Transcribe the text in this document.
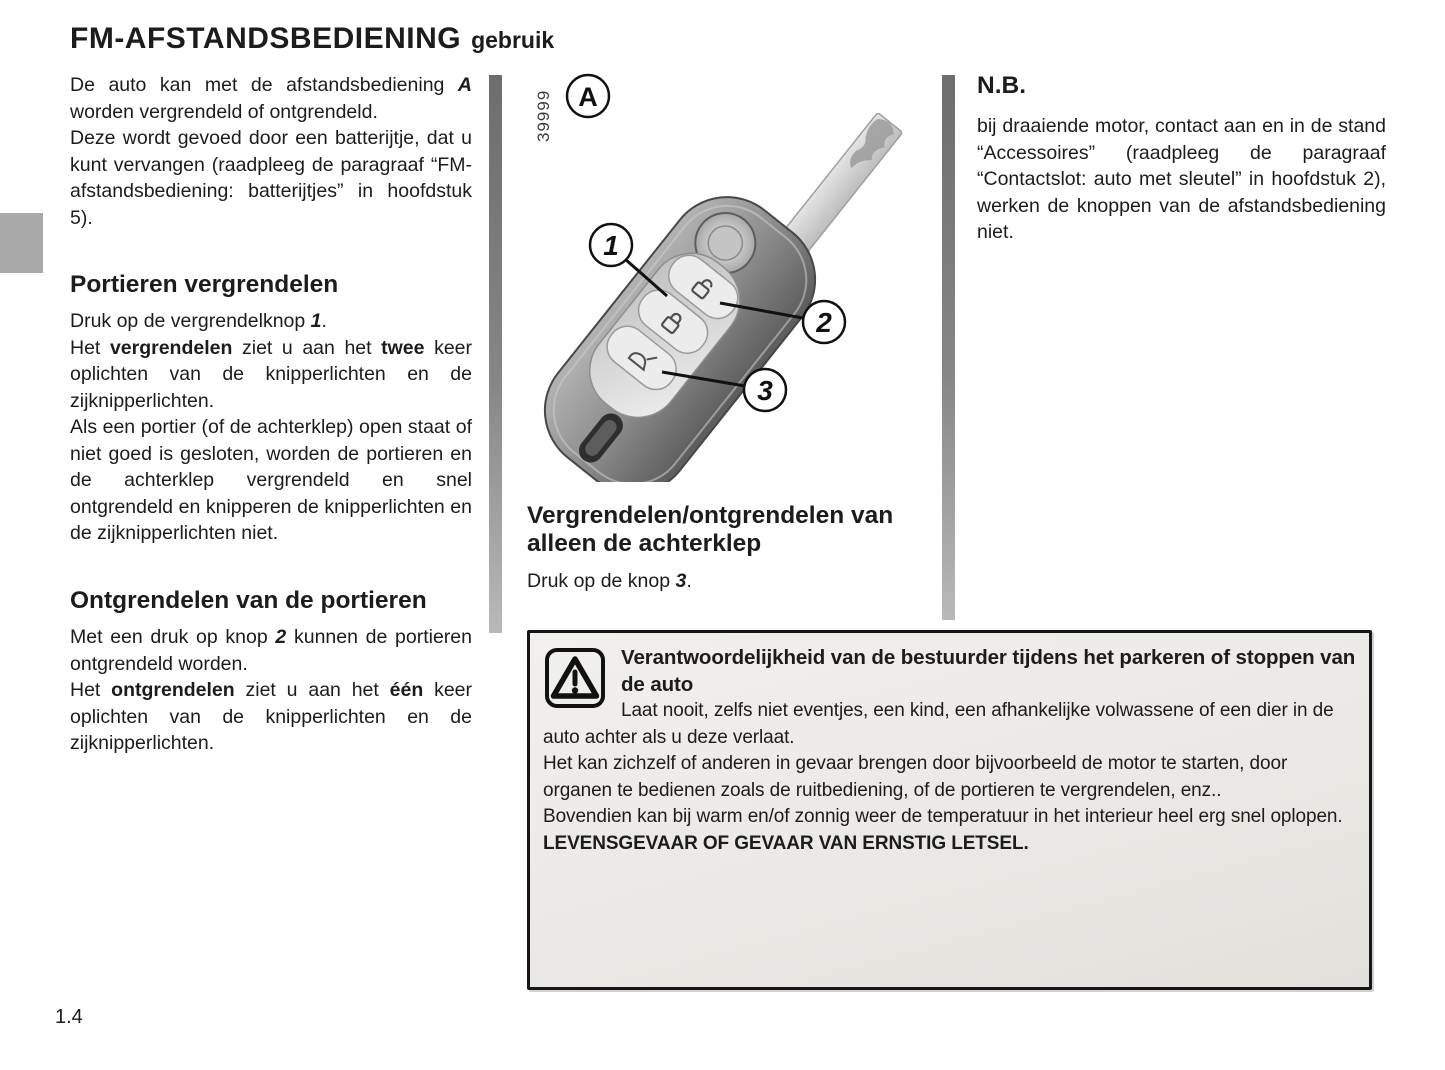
FM-AFSTANDSBEDIENING gebruik

De auto kan met de afstandsbediening A worden vergrendeld of ontgrendeld.

Deze wordt gevoed door een batterijtje, dat u kunt vervangen (raadpleeg de paragraaf “FM-afstandsbediening: batterijtjes” in hoofdstuk 5).

Portieren vergrendelen

Druk op de vergrendelknop 1.

Het vergrendelen ziet u aan het twee keer oplichten van de knipperlichten en de zijknipperlichten.

Als een portier (of de achterklep) open staat of niet goed is gesloten, worden de portieren en de achterklep vergrendeld en snel ontgrendeld en knipperen de knipperlichten en de zijknipperlichten niet.

Ontgrendelen van de portieren

Met een druk op knop 2 kunnen de portieren ontgrendeld worden.

Het ontgrendelen ziet u aan het één keer oplichten van de knipperlichten en de zijknipperlichten.

A
39999
1
2
3
Vergrendelen/ontgrendelen van alleen de achterklep

Druk op de knop 3.

N.B.

bij draaiende motor, contact aan en in de stand “Accessoires” (raadpleeg de paragraaf “Contactslot: auto met sleutel” in hoofdstuk 2), werken de knoppen van de afstandsbediening niet.

Verantwoordelijkheid van de bestuurder tijdens het parkeren of stoppen van de auto

Laat nooit, zelfs niet eventjes, een kind, een afhankelijke volwassene of een dier in de auto achter als u deze verlaat.

Het kan zichzelf of anderen in gevaar brengen door bijvoorbeeld de motor te starten, door organen te bedienen zoals de ruitbediening, of de portieren te vergrendelen, enz..

Bovendien kan bij warm en/of zonnig weer de temperatuur in het interieur heel erg snel oplopen.

LEVENSGEVAAR OF GEVAAR VAN ERNSTIG LETSEL.

1.4
